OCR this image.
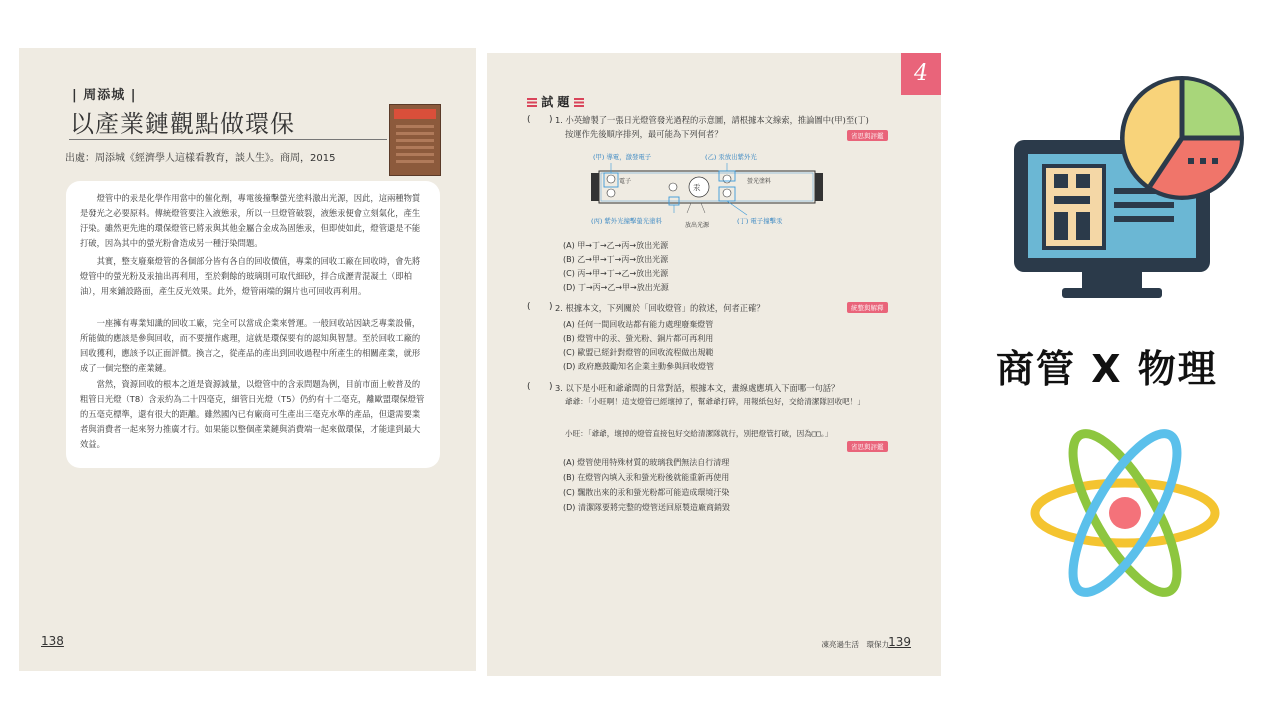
| 周添城 |
以產業鏈觀點做環保
出處：周添城《經濟學人這樣看教育，談人生》。商周，2015

燈管中的汞是化學作用當中的催化劑，專電後撞擊螢光塗料激出光源，因此，這兩種物質是發光之必要原料。傳統燈管要注入液態汞，所以一旦燈管破裂，液態汞便會立刻氣化，產生汙染。雖然更先進的環保燈管已將汞與其他金屬合金成為固態汞，但即使如此，燈管還是不能打破，因為其中的螢光粉會造成另一種汙染問題。

其實，整支廢棄燈管的各個部分皆有各自的回收價值，專業的回收工廠在回收時，會先將燈管中的螢光粉及汞抽出再利用，至於剩餘的玻璃則可取代細砂，拌合成瀝青混凝土（即柏油），用來鋪設路面，產生反光效果。此外，燈管兩端的銅片也可回收再利用。

一座擁有專業知識的回收工廠，完全可以當成企業來營運。一般回收站因缺乏專業設備，所能做的應該是參與回收，而不要擅作處理，這就是環保要有的認知與智慧。至於回收工廠的回收獲利，應該予以正面評價。換言之，從產品的產出到回收過程中所產生的相關產業，就形成了一個完整的產業鏈。

當然，資源回收的根本之道是資源減量，以燈管中的含汞問題為例，目前市面上較普及的粗管日光燈（T8）含汞約為二十四毫克，細管日光燈（T5）仍約有十二毫克，離歐盟環保燈管的五毫克標準，還有很大的距離。雖然國內已有廠商可生產出三毫克水準的產品，但還需要業者與消費者一起來努力推廣才行。如果能以整個產業鏈與消費端一起來做環保，才能達到最大效益。

138
4
試 題
( ) 1. 小英繪製了一張日光燈管發光過程的示意圖，請根據本文線索，推論圖中(甲)至(丁)
按運作先後順序排列，最可能為下列何者？	省思與評鑑
(甲) 導電，激發電子	(乙) 汞放出紫外光
(丙) 紫外光撞擊螢光塗料	(丁) 電子撞擊汞
電子	螢光塗料
汞
放出光源
(A) 甲→丁→乙→丙→放出光源
(B) 乙→甲→丁→丙→放出光源
(C) 丙→甲→丁→乙→放出光源
(D) 丁→丙→乙→甲→放出光源
( ) 2. 根據本文，下列關於「回收燈管」的敘述，何者正確？	統整與解釋
(A) 任何一間回收站都有能力處理廢棄燈管
(B) 燈管中的汞、螢光粉、銅片都可再利用
(C) 歐盟已經針對燈管的回收流程做出規範
(D) 政府應鼓勵知名企業主動參與回收燈管
( ) 3. 以下是小旺和爺爺間的日常對話，根據本文，畫線處應填入下面哪一句話？
爺爺：「小旺啊！這支燈管已經壞掉了，幫爺爺打碎，用報紙包好，交給清潔隊回收吧！」
小旺：「爺爺，壞掉的燈管直接包好交給清潔隊就行，別把燈管打破，因為□□。」
省思與評鑑
(A) 燈管使用特殊材質的玻璃我們無法自行清理
(B) 在燈管內填入汞和螢光粉後就能重新再使用
(C) 飄散出來的汞和螢光粉都可能造成環境汙染
(D) 清潔隊要將完整的燈管送回原製造廠商銷毀
凍亮過生活　環保力 139
商管 X 物理
